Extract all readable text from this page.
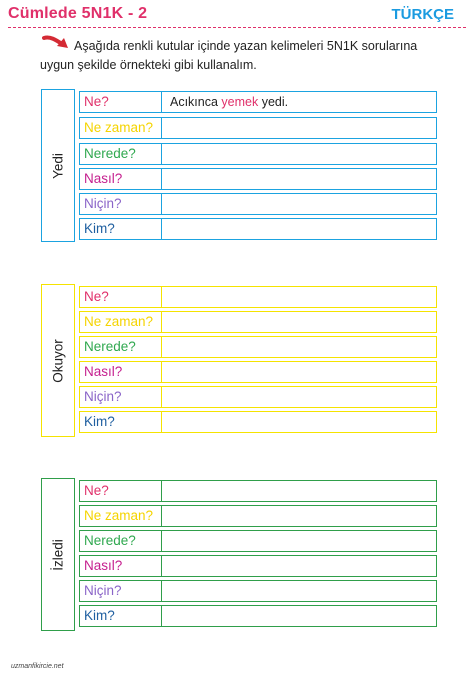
Cümlede 5N1K - 2	TÜRKÇE
Aşağıda renkli kutular içinde yazan kelimeleri 5N1K sorularına
uygun şekilde örnekteki gibi kullanalım.
Yedi
Ne?	Acıkınca yemek yedi.
Ne zaman?
Nerede?
Nasıl?
Niçin?
Kim?
Okuyor
Ne?
Ne zaman?
Nerede?
Nasıl?
Niçin?
Kim?
İzledi
Ne?
Ne zaman?
Nerede?
Nasıl?
Niçin?
Kim?
uzmanfikircie.net
